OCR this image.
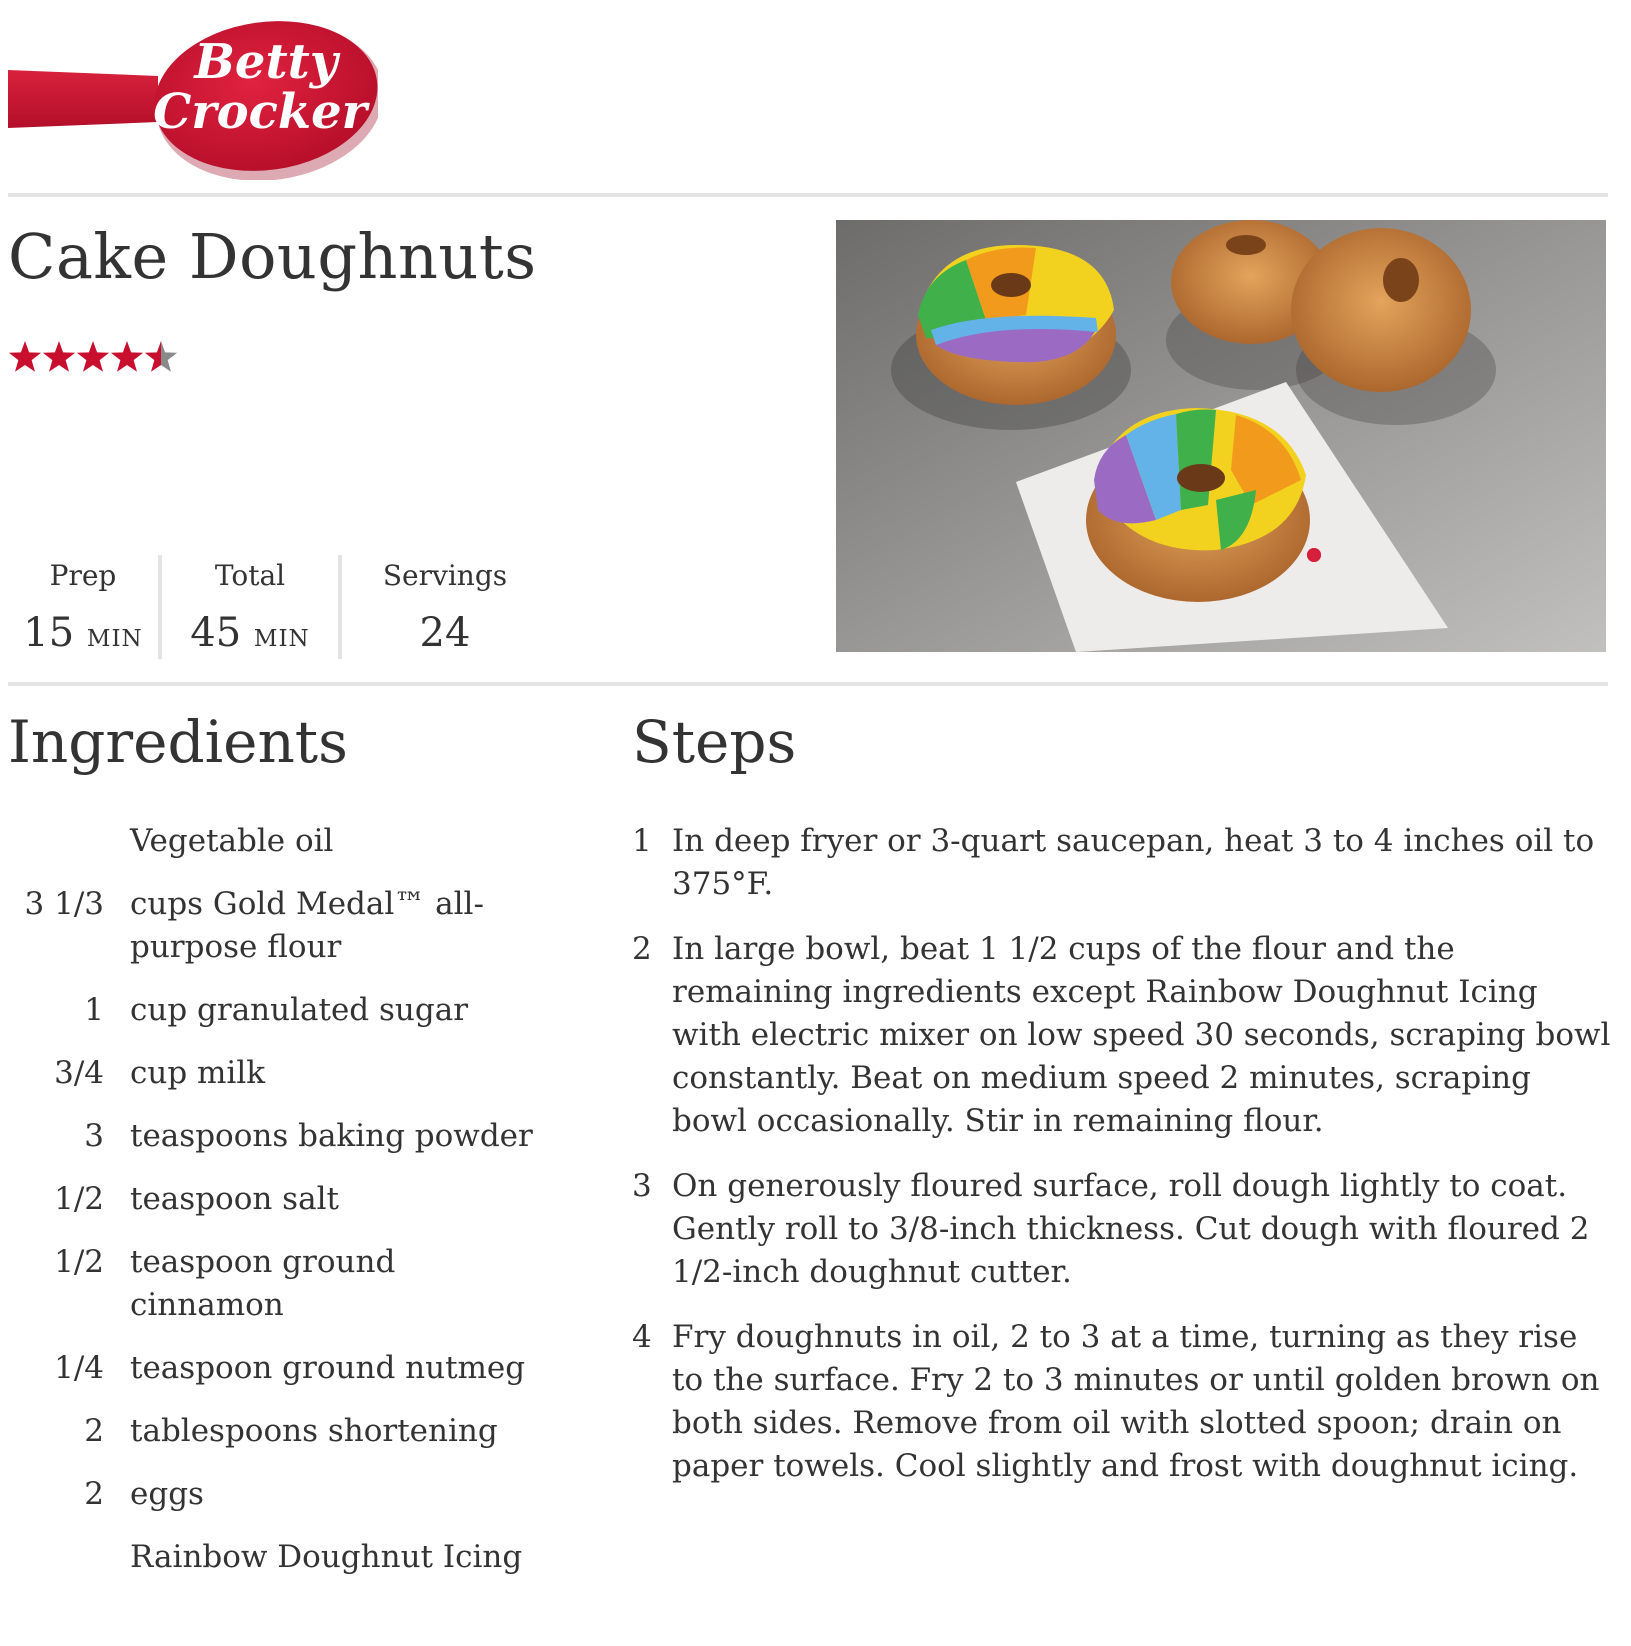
Betty
Crocker
Cake Doughnuts
Prep
15 MIN
Total
45 MIN
Servings
24
Ingredients	Steps
Vegetable oil
3 1/3 cups Gold Medal™ all-purpose flour
1 cup granulated sugar
3/4 cup milk
3 teaspoons baking powder
1/2 teaspoon salt
1/2 teaspoon ground cinnamon
1/4 teaspoon ground nutmeg
2 tablespoons shortening
2 eggs
Rainbow Doughnut Icing
1 In deep fryer or 3-quart saucepan, heat 3 to 4 inches oil to 375°F.
2 In large bowl, beat 1 1/2 cups of the flour and the remaining ingredients except Rainbow Doughnut Icing with electric mixer on low speed 30 seconds, scraping bowl constantly. Beat on medium speed 2 minutes, scraping bowl occasionally. Stir in remaining flour.
3 On generously floured surface, roll dough lightly to coat. Gently roll to 3/8-inch thickness. Cut dough with floured 2 1/2-inch doughnut cutter.
4 Fry doughnuts in oil, 2 to 3 at a time, turning as they rise to the surface. Fry 2 to 3 minutes or until golden brown on both sides. Remove from oil with slotted spoon; drain on paper towels. Cool slightly and frost with doughnut icing.
